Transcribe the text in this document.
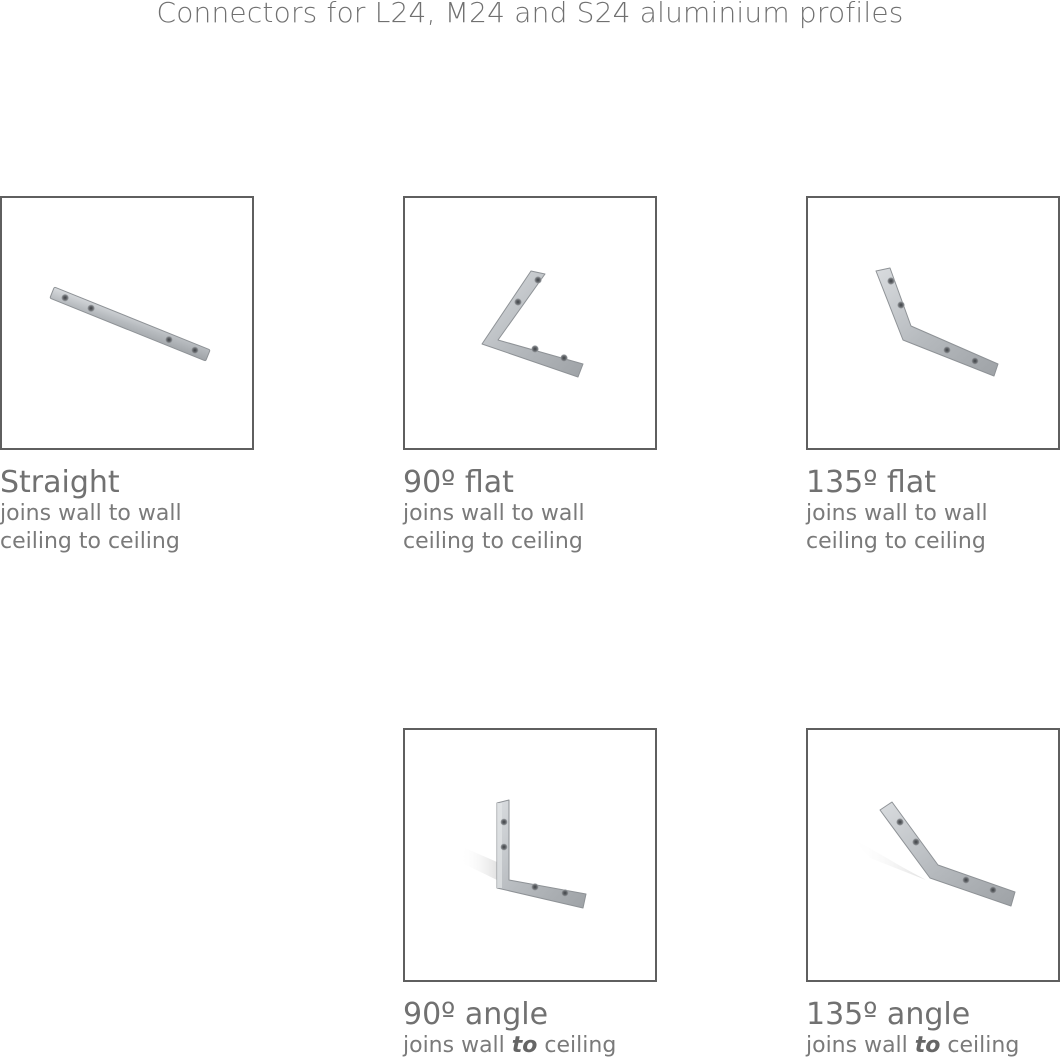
Connectors for L24, M24 and S24 aluminium profiles
Straight
joins wall to wall
ceiling to ceiling
90º flat
joins wall to wall
ceiling to ceiling
135º flat
joins wall to wall
ceiling to ceiling
90º angle
joins wall to ceiling
135º angle
joins wall to ceiling
